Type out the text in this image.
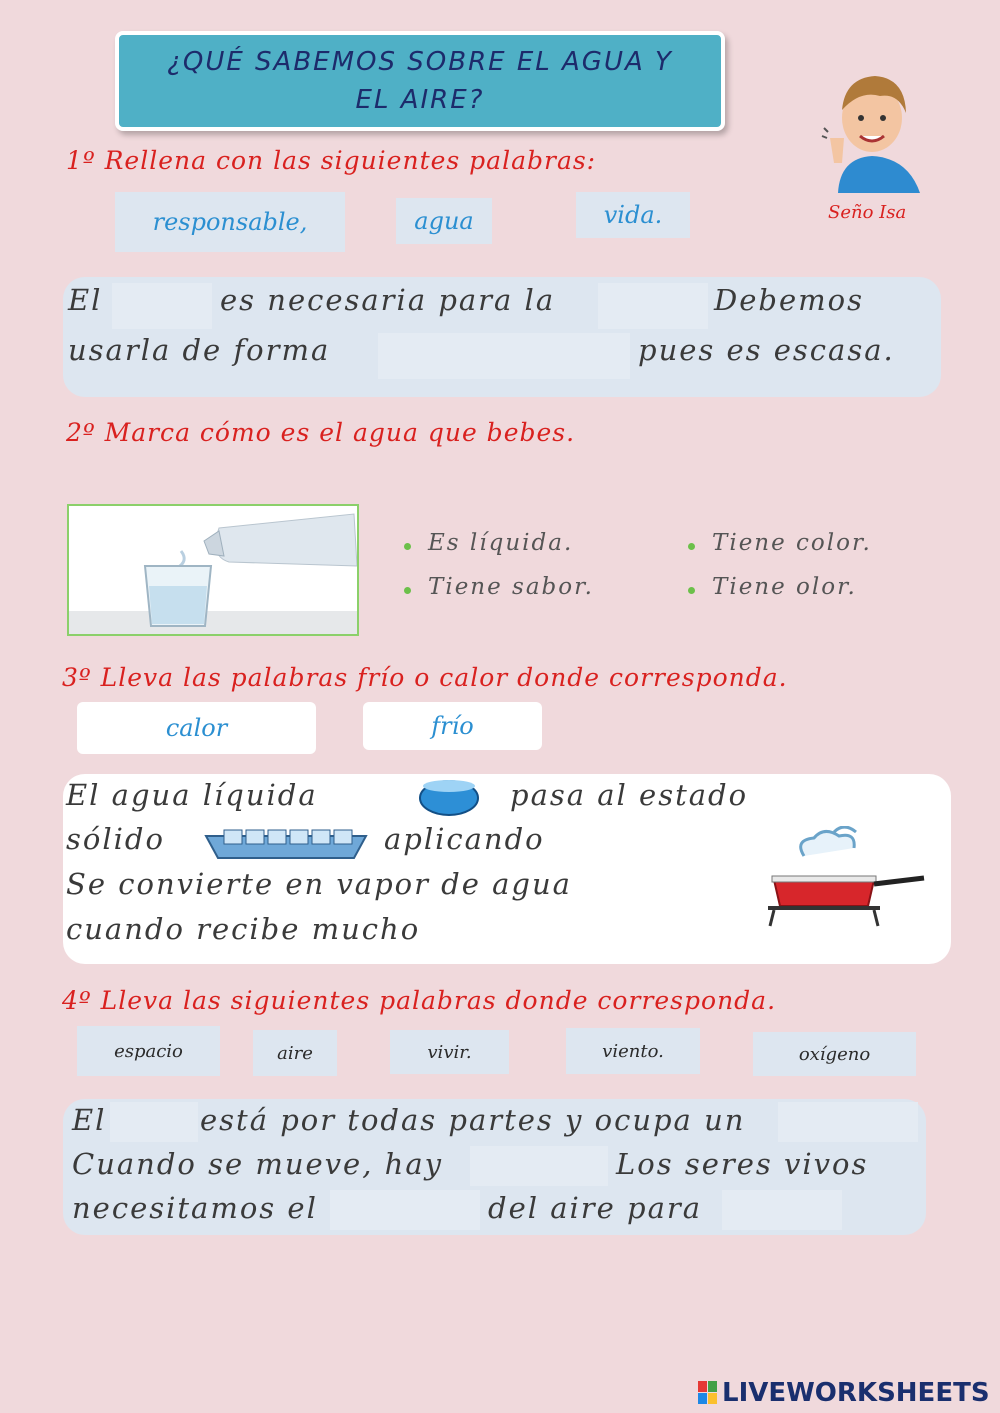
¿QUÉ SABEMOS SOBRE EL AGUA Y EL AIRE?
Seño Isa
1º Rellena con las siguientes palabras:
responsable,	agua	vida.
El	es necesaria para la	Debemos
usarla de forma	pues es escasa.
2º Marca cómo es el agua que bebes.
Es líquida.	Tiene color.
Tiene sabor.	Tiene olor.
3º Lleva las palabras frío o calor donde corresponda.
calor	frío
El agua líquida	pasa al estado
sólido	aplicando
Se convierte en vapor de agua
cuando recibe mucho
4º Lleva las siguientes palabras donde corresponda.
espacio	aire	vivir.	viento.	oxígeno
El	está por todas partes y ocupa un
Cuando se mueve, hay	Los seres vivos
necesitamos el	del aire para
LIVEWORKSHEETS
